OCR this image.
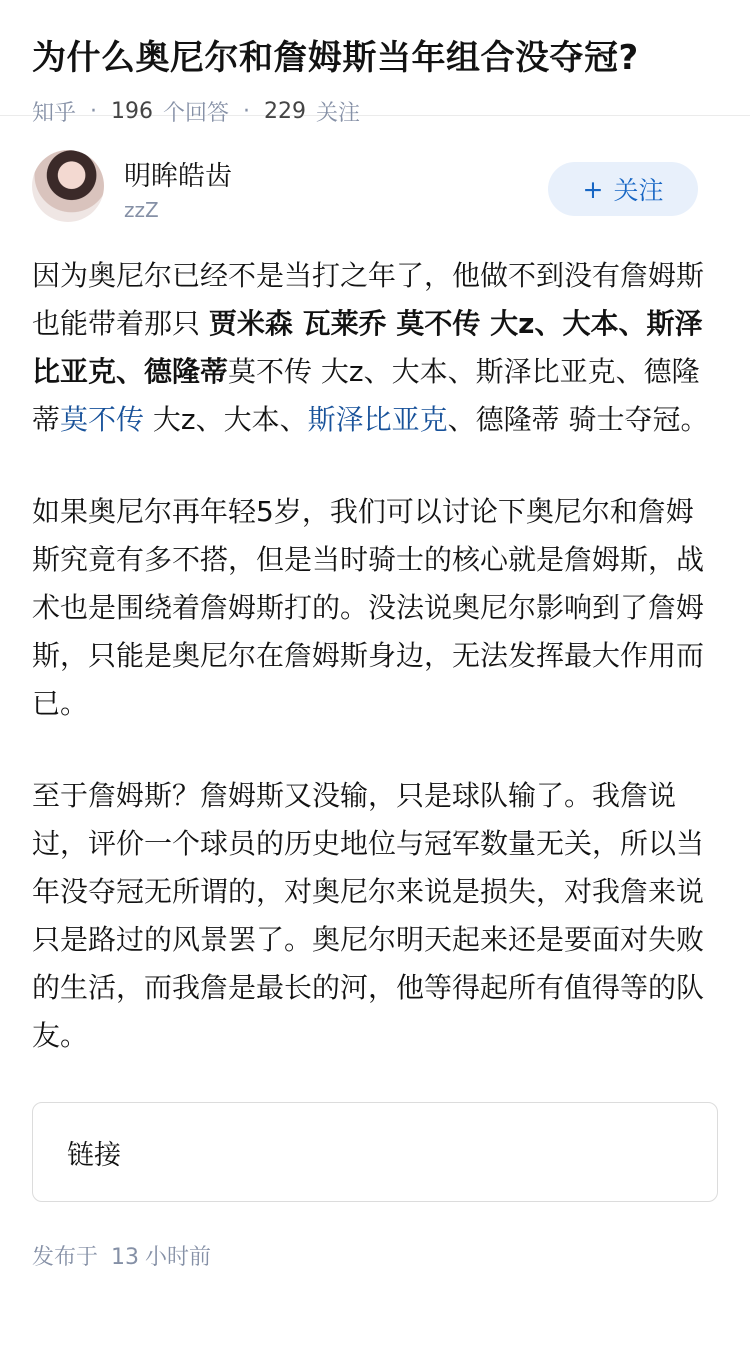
为什么奥尼尔和詹姆斯当年组合没夺冠?
知乎 · 196 个回答 · 229 关注
明眸皓齿
zzZ
+ 关注

因为奥尼尔已经不是当打之年了，他做不到没有詹姆斯也能带着那只 贾米森 瓦莱乔 莫不传 大z、大本、斯泽比亚克、德隆蒂莫不传 大z、大本、斯泽比亚克、德隆蒂莫不传 大z、大本、斯泽比亚克、德隆蒂 骑士夺冠。

如果奥尼尔再年轻5岁，我们可以讨论下奥尼尔和詹姆斯究竟有多不搭，但是当时骑士的核心就是詹姆斯，战术也是围绕着詹姆斯打的。没法说奥尼尔影响到了詹姆斯，只能是奥尼尔在詹姆斯身边，无法发挥最大作用而已。

至于詹姆斯？詹姆斯又没输，只是球队输了。我詹说过，评价一个球员的历史地位与冠军数量无关，所以当年没夺冠无所谓的，对奥尼尔来说是损失，对我詹来说只是路过的风景罢了。奥尼尔明天起来还是要面对失败的生活，而我詹是最长的河，他等得起所有值得等的队友。

链接
发布于 13 小时前
